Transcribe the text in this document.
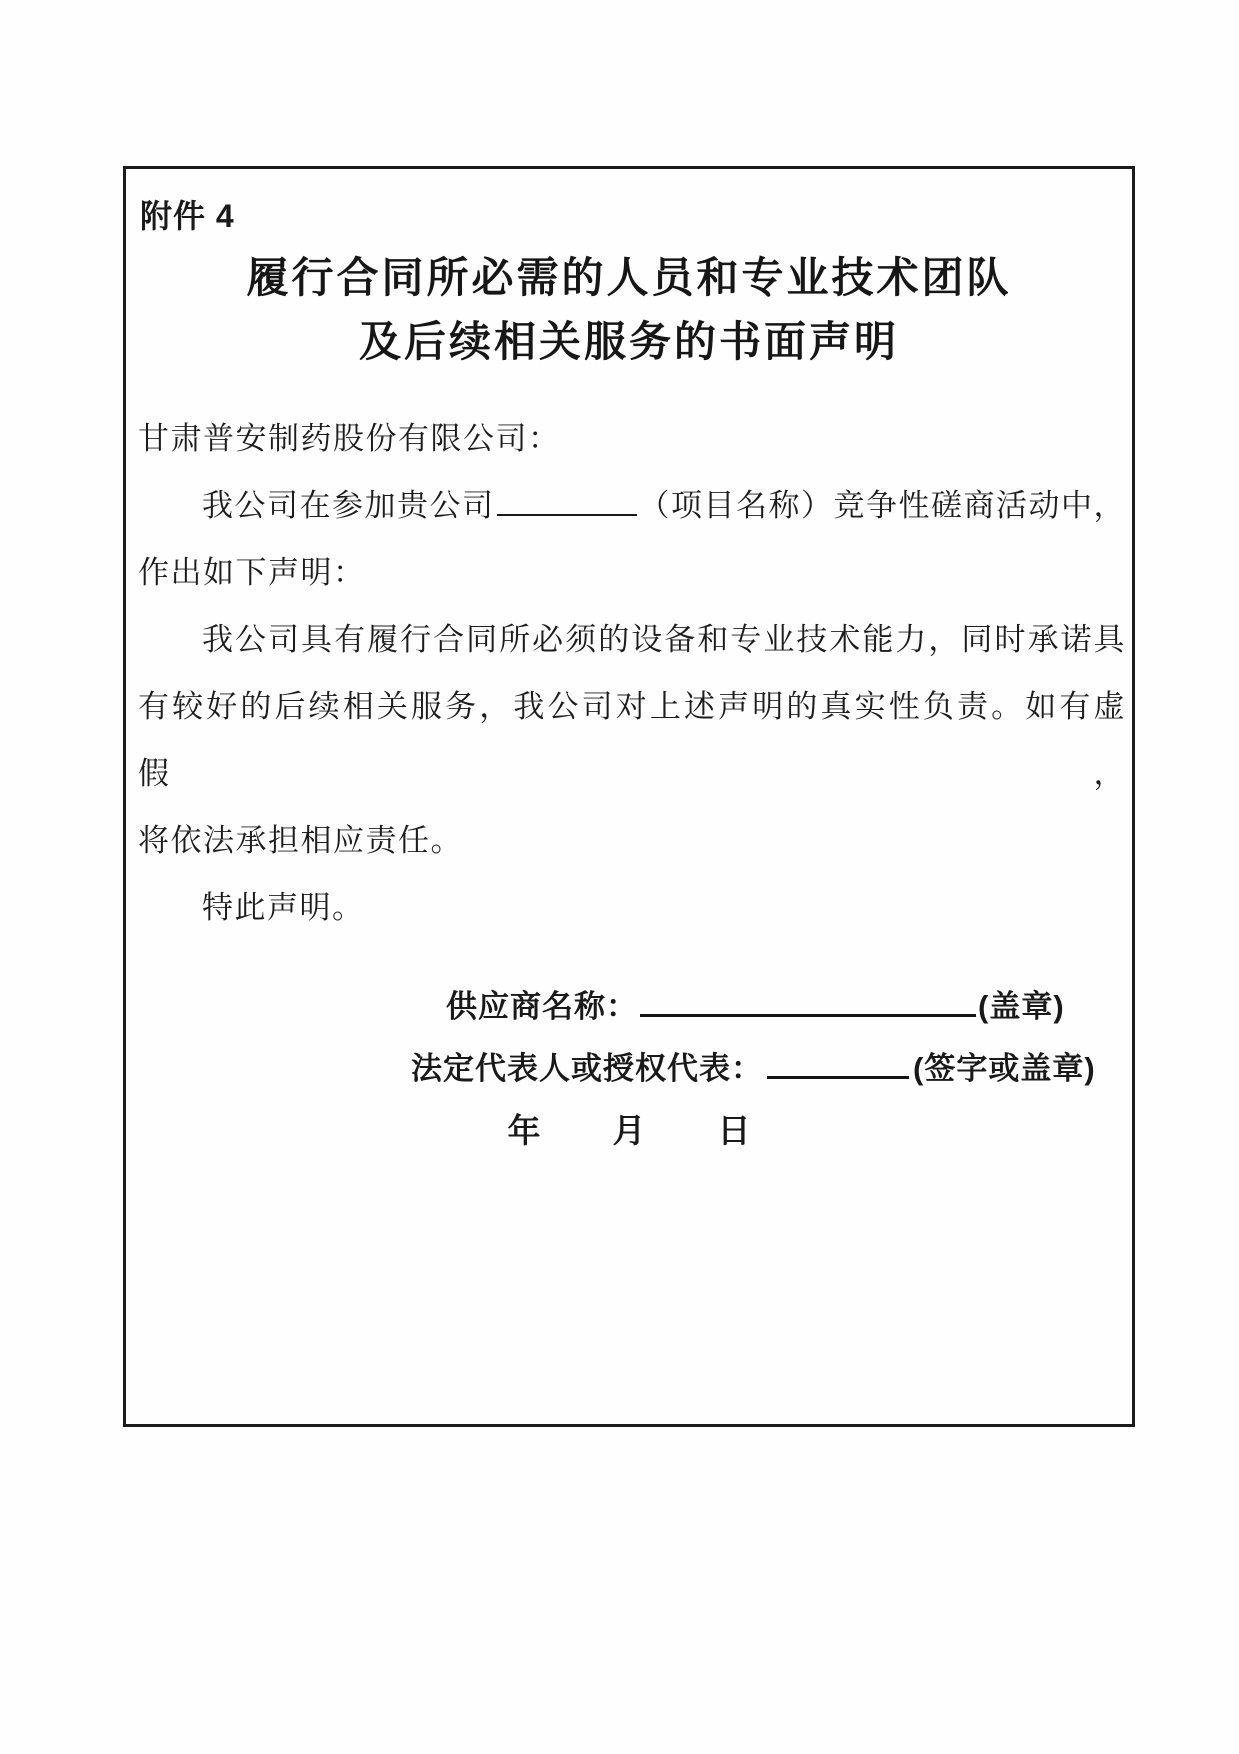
附件 4
履行合同所必需的人员和专业技术团队
及后续相关服务的书面声明
甘肃普安制药股份有限公司：
我公司在参加贵公司	（项目名称）竞争性磋商活动中，
作出如下声明：
我公司具有履行合同所必须的设备和专业技术能力，同时承诺具
有较好的后续相关服务，我公司对上述声明的真实性负责。如有虚假，
将依法承担相应责任。
特此声明。
供应商名称：	(盖章)
法定代表人或授权代表：	(签字或盖章)
年 月 日
